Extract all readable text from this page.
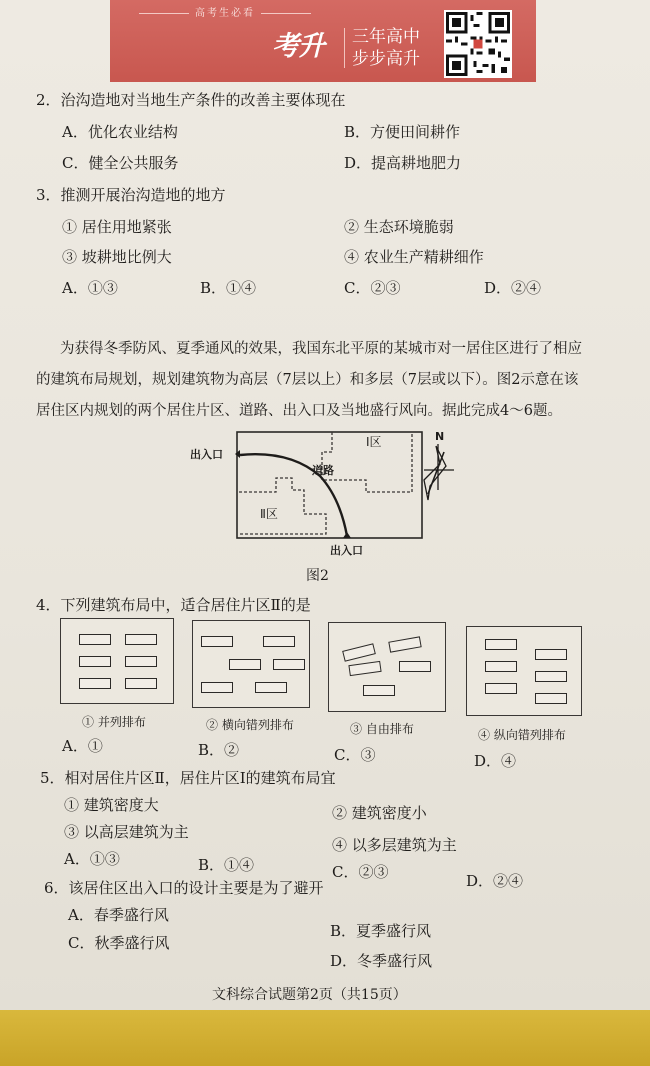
高考生必看
考升 三年高中
步步高升
2．治沟造地对当地生产条件的改善主要体现在
A．优化农业结构	B．方便田间耕作
C．健全公共服务	D．提高耕地肥力
3．推测开展治沟造地的地方
① 居住用地紧张	② 生态环境脆弱
③ 坡耕地比例大	④ 农业生产精耕细作
A．①③	B．①④	C．②③	D．②④
为获得冬季防风、夏季通风的效果，我国东北平原的某城市对一居住区进行了相应
的建筑布局规划，规划建筑物为高层（7层以上）和多层（7层或以下）。图2示意在该
居住区内规划的两个居住片区、道路、出入口及当地盛行风向。据此完成4～6题。
出入口
出入口
Ⅰ区
Ⅱ区
道路
N
图2
4．下列建筑布局中，适合居住片区Ⅱ的是
① 并列排布	② 横向错列排布	③ 自由排布	④ 纵向错列排布
A．①	B．②	C．③	D．④
5．相对居住片区Ⅱ，居住片区Ⅰ的建筑布局宜
① 建筑密度大	② 建筑密度小
③ 以高层建筑为主
④ 以多层建筑为主
A．①③	B．①④	C．②③	D．②④
6．该居住区出入口的设计主要是为了避开
A．春季盛行风
B．夏季盛行风
C．秋季盛行风
D．冬季盛行风
文科综合试题第2页（共15页）
